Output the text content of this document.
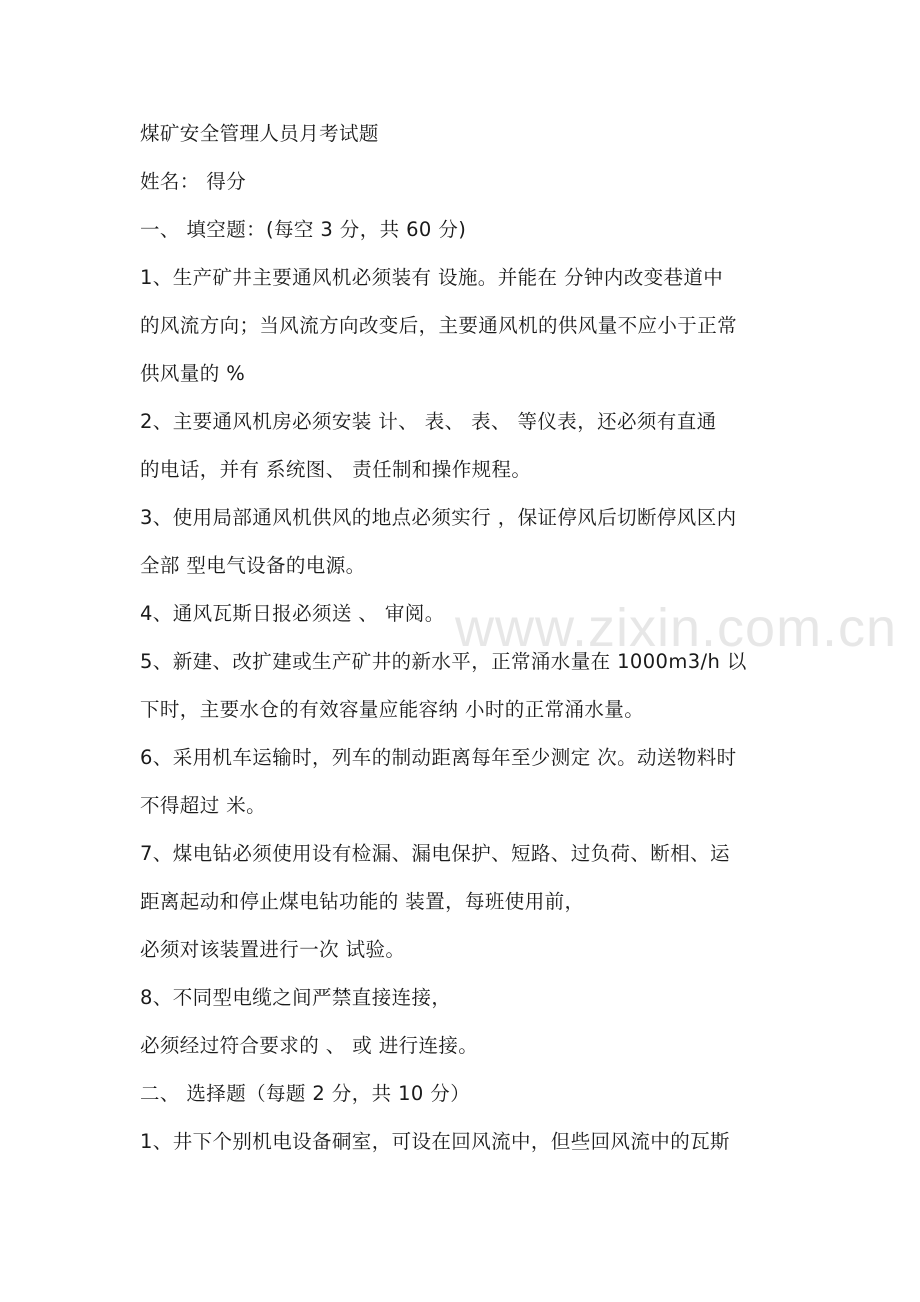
煤矿安全管理人员月考试题
姓名： 得分
一、 填空题：(每空 3 分，共 60 分)
1、生产矿井主要通风机必须装有 设施。并能在 分钟内改变巷道中
的风流方向；当风流方向改变后，主要通风机的供风量不应小于正常
供风量的 %
2、主要通风机房必须安装 计、 表、 表、 等仪表，还必须有直通
的电话，并有 系统图、 责任制和操作规程。
3、使用局部通风机供风的地点必须实行 ，保证停风后切断停风区内
全部 型电气设备的电源。
4、通风瓦斯日报必须送 、 审阅。
5、新建、改扩建或生产矿井的新水平，正常涌水量在 1000m3/h 以
下时，主要水仓的有效容量应能容纳 小时的正常涌水量。
6、采用机车运输时，列车的制动距离每年至少测定 次。动送物料时
不得超过 米。
7、煤电钻必须使用设有检漏、漏电保护、短路、过负荷、断相、运
距离起动和停止煤电钻功能的 装置，每班使用前，
必须对该装置进行一次 试验。
8、不同型电缆之间严禁直接连接，
必须经过符合要求的 、 或 进行连接。
二、 选择题（每题 2 分，共 10 分）
1、井下个别机电设备硐室，可设在回风流中，但些回风流中的瓦斯
www.zixin.com.cn
